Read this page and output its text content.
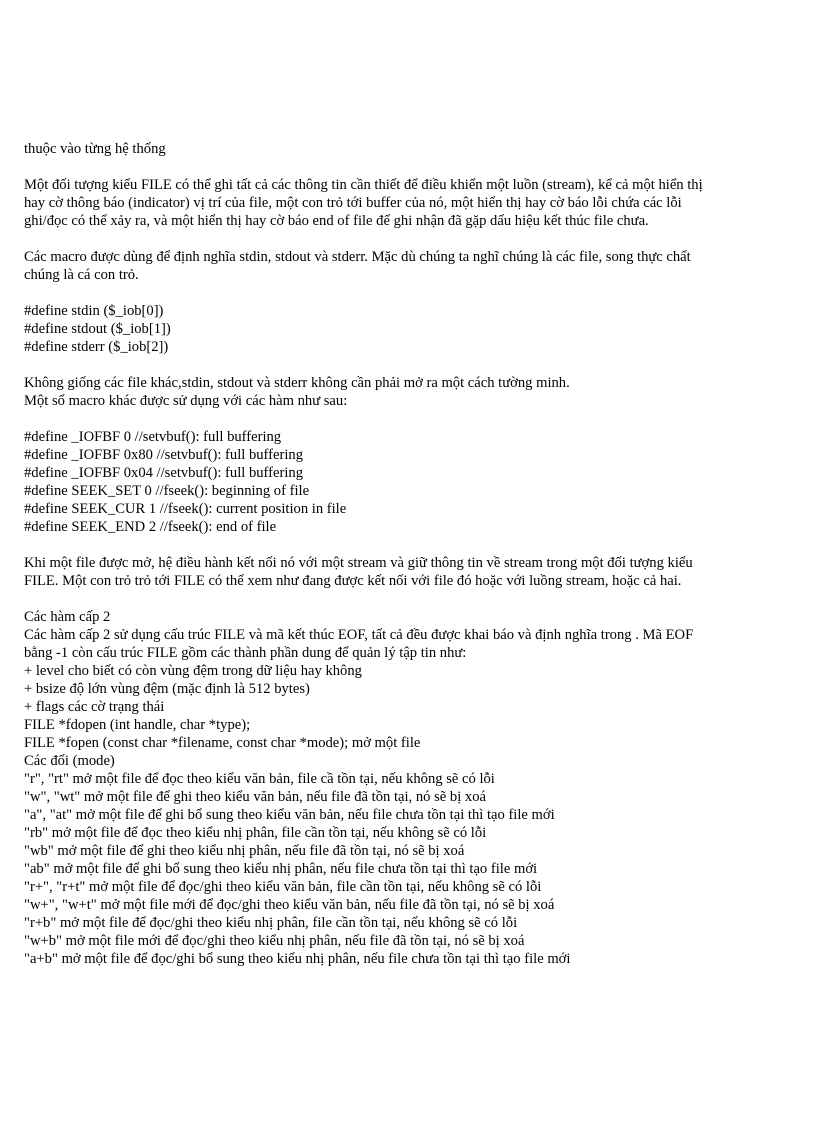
thuộc vào từng hệ thống

Một đối tượng kiểu FILE có thể ghi tất cả các thông tin cần thiết để điều khiển một luồn (stream), kể cả một hiển thị

hay cờ thông báo (indicator) vị trí của file, một con trỏ tới buffer của nó, một hiển thị hay cờ báo lỗi chứa các lỗi

ghi/đọc có thể xảy ra, và một hiển thị hay cờ báo end of file để ghi nhận đã gặp dấu hiệu kết thúc file chưa.

Các macro được dùng để định nghĩa stdin, stdout và stderr. Mặc dù chúng ta nghĩ chúng là các file, song thực chất

chúng là cá con trỏ.

#define stdin ($_iob[0])

#define stdout ($_iob[1])

#define stderr ($_iob[2])

Không giống các file khác,stdin, stdout và stderr không cần phải mở ra một cách tường minh.

Một số macro khác được sử dụng với các hàm như sau:

#define _IOFBF 0 //setvbuf(): full buffering

#define _IOFBF 0x80 //setvbuf(): full buffering

#define _IOFBF 0x04 //setvbuf(): full buffering

#define SEEK_SET 0 //fseek(): beginning of file

#define SEEK_CUR 1 //fseek(): current position in file

#define SEEK_END 2 //fseek(): end of file

Khi một file được mở, hệ điều hành kết nối nó với một stream và giữ thông tin về stream trong một đối tượng kiểu

FILE. Một con trỏ trỏ tới FILE có thể xem như đang được kết nối với file đó hoặc với luồng stream, hoặc cả hai.

Các hàm cấp 2

Các hàm cấp 2 sử dụng cấu trúc FILE và mã kết thúc EOF, tất cả đều được khai báo và định nghĩa trong . Mã EOF

bằng -1 còn cấu trúc FILE gồm các thành phần dung để quản lý tập tin như:

+ level cho biết có còn vùng đệm trong dữ liệu hay không

+ bsize độ lớn vùng đệm (mặc định là 512 bytes)

+ flags các cờ trạng thái

FILE *fdopen (int handle, char *type);

FILE *fopen (const char *filename, const char *mode); mở một file

Các đối (mode)

"r", "rt" mở một file để đọc theo kiểu văn bản, file cầ tồn tại, nếu không sẽ có lỗi

"w", "wt" mở một file để ghi theo kiểu văn bản, nếu file đã tồn tại, nó sẽ bị xoá

"a", "at" mở một file để ghi bổ sung theo kiểu văn bản, nếu file chưa tồn tại thì tạo file mới

"rb" mở một file để đọc theo kiểu nhị phân, file cần tồn tại, nếu không sẽ có lỗi

"wb" mở một file để ghi theo kiểu nhị phân, nếu file đã tồn tại, nó sẽ bị xoá

"ab" mở một file để ghi bổ sung theo kiểu nhị phân, nếu file chưa tồn tại thì tạo file mới

"r+", "r+t" mở một file để đọc/ghi theo kiểu văn bản, file cần tồn tại, nếu không sẽ có lỗi

"w+", "w+t" mở một file mới để đọc/ghi theo kiểu văn bản, nếu file đã tồn tại, nó sẽ bị xoá

"r+b" mở một file để đọc/ghi theo kiểu nhị phân, file cần tồn tại, nếu không sẽ có lỗi

"w+b" mở một file mới để đọc/ghi theo kiểu nhị phân, nếu file đã tồn tại, nó sẽ bị xoá

"a+b" mở một file để đọc/ghi bổ sung theo kiểu nhị phân, nếu file chưa tồn tại thì tạo file mới
